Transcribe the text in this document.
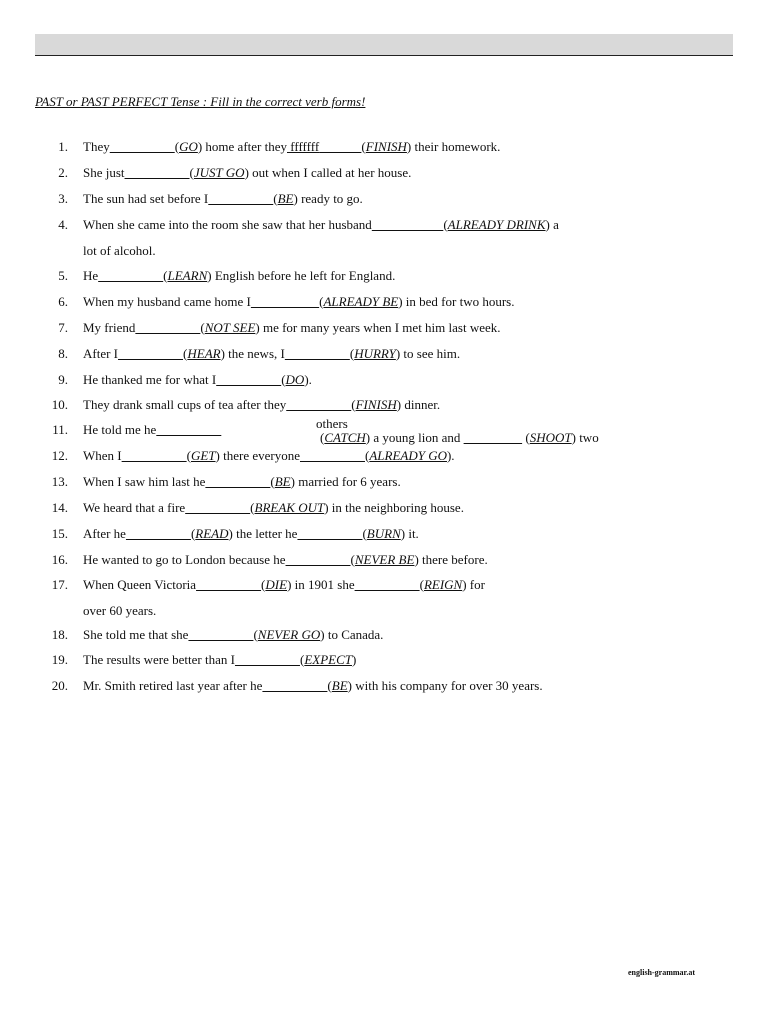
PAST or PAST PERFECT Tense : Fill in the correct verb forms!
1. They	(GO) home after they fffffff	(FINISH) their homework.
2. She just	(JUST GO) out when I called at her house.
3. The sun had set before I	(BE) ready to go.
4. When she came into the room she saw that her husband	(ALREADY DRINK) a
lot of alcohol.
5. He	(LEARN) English before he left for England.
6. When my husband came home I	(ALREADY BE) in bed for two hours.
7. My friend	(NOT SEE) me for many years when I met him last week.
8. After I	(HEAR) the news, I	(HURRY) to see him.
9. He thanked me for what I	(DO).
10. They drank small cups of tea after they	(FINISH) dinner.
11. He told me he	others
(CATCH) a young lion and	(SHOOT) two
12. When I	(GET) there everyone	(ALREADY GO).
13. When I saw him last he	(BE) married for 6 years.
14. We heard that a fire	(BREAK OUT) in the neighboring house.
15. After he	(READ) the letter he	(BURN) it.
16. He wanted to go to London because he	(NEVER BE) there before.
17. When Queen Victoria	(DIE) in 1901 she	(REIGN) for
over 60 years.
18. She told me that she	(NEVER GO) to Canada.
19. The results were better than I	(EXPECT)
20. Mr. Smith retired last year after he	(BE) with his company for over 30 years.
english-grammar.at
